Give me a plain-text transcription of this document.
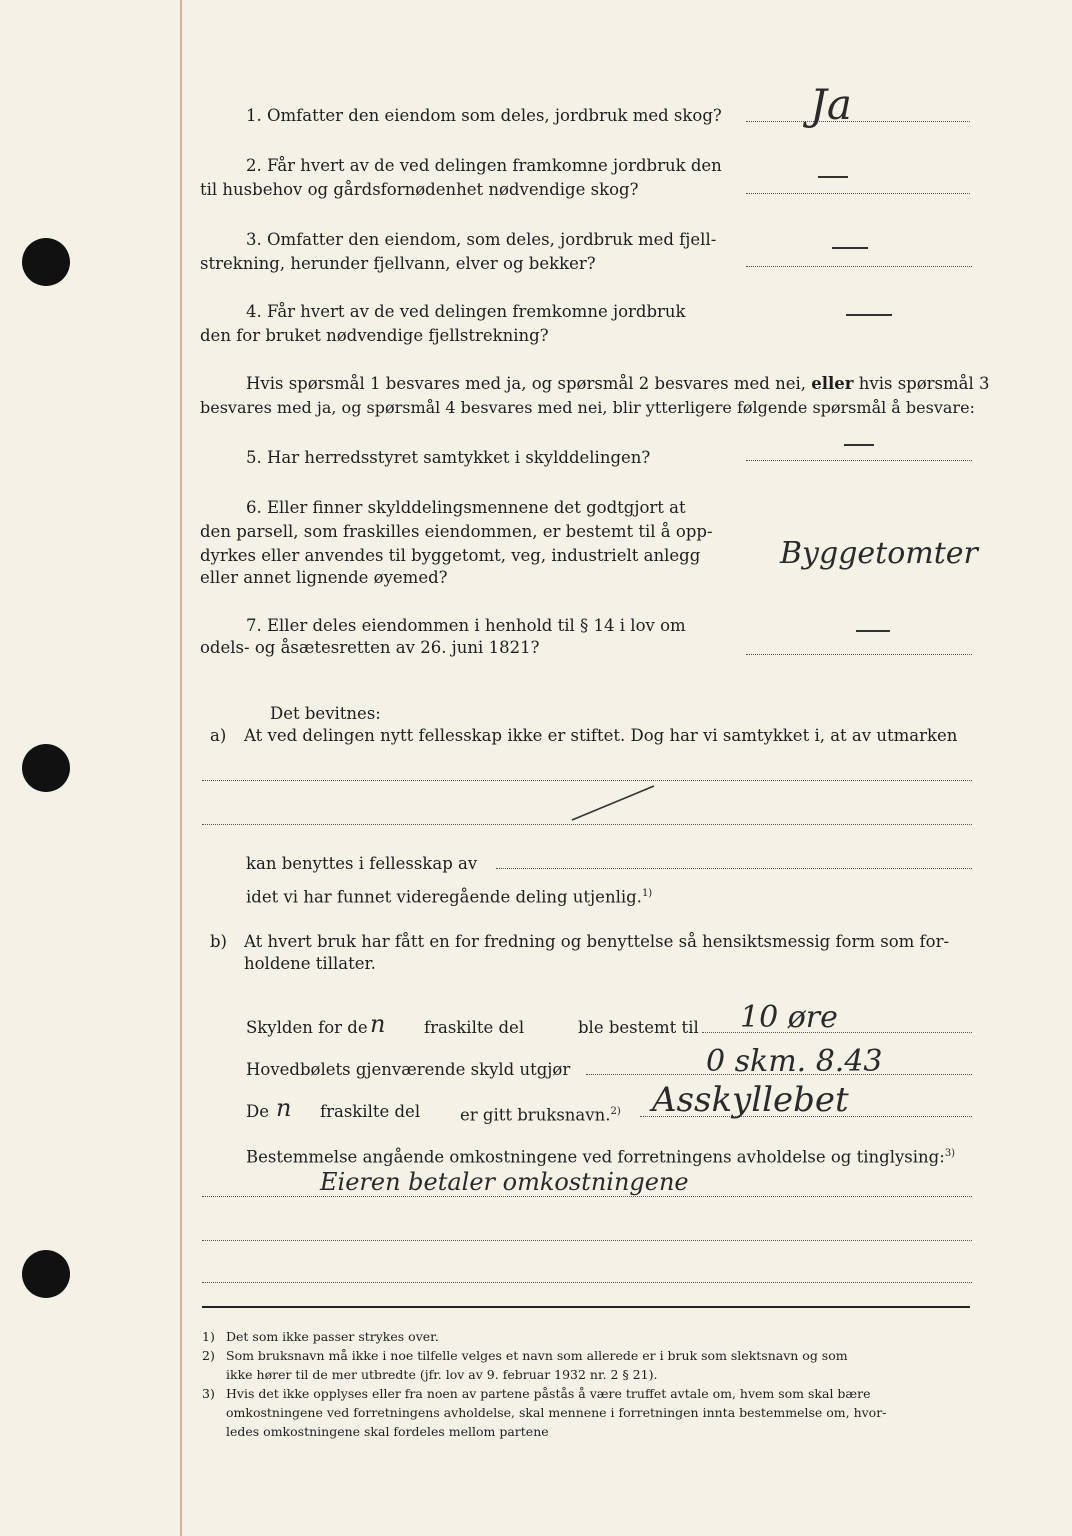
1. Omfatter den eiendom som deles, jordbruk med skog? Ja
2. Får hvert av de ved delingen framkomne jordbruk den
til husbehov og gårdsfornødenhet nødvendige skog?
3. Omfatter den eiendom, som deles, jordbruk med fjell-
strekning, herunder fjellvann, elver og bekker?
4. Får hvert av de ved delingen fremkomne jordbruk
den for bruket nødvendige fjellstrekning?
Hvis spørsmål 1 besvares med ja, og spørsmål 2 besvares med nei, eller hvis spørsmål 3
besvares med ja, og spørsmål 4 besvares med nei, blir ytterligere følgende spørsmål å besvare:
5. Har herredsstyret samtykket i skylddelingen?
6. Eller finner skylddelingsmennene det godtgjort at
den parsell, som fraskilles eiendommen, er bestemt til å opp-
dyrkes eller anvendes til byggetomt, veg, industrielt anlegg
eller annet lignende øyemed?
Byggetomter
7. Eller deles eiendommen i henhold til § 14 i lov om
odels- og åsætesretten av 26. juni 1821?
Det bevitnes:
a) At ved delingen nytt fellesskap ikke er stiftet. Dog har vi samtykket i, at av utmarken
kan benyttes i fellesskap av
idet vi har funnet videregående deling utjenlig.$^{1)}$
b) At hvert bruk har fått en for fredning og benyttelse så hensiktsmessig form som for-
holdene tillater.
Skylden for de n fraskilte del	ble bestemt til 10 øre
Hovedbølets gjenværende skyld utgjør	0 skm. 8.43
De n fraskilte del er gitt bruksnavn.$^{2)}$ Asskyllebet
Bestemmelse angående omkostningene ved forretningens avholdelse og tinglysing:$^{3)}$
Eieren betaler omkostningene
1) Det som ikke passer strykes over.
2) Som bruksnavn må ikke i noe tilfelle velges et navn som allerede er i bruk som slektsnavn og som
ikke hører til de mer utbredte (jfr. lov av 9. februar 1932 nr. 2 § 21).
3) Hvis det ikke opplyses eller fra noen av partene påstås å være truffet avtale om, hvem som skal bære
omkostningene ved forretningens avholdelse, skal mennene i forretningen innta bestemmelse om, hvor-
ledes omkostningene skal fordeles mellom partene
